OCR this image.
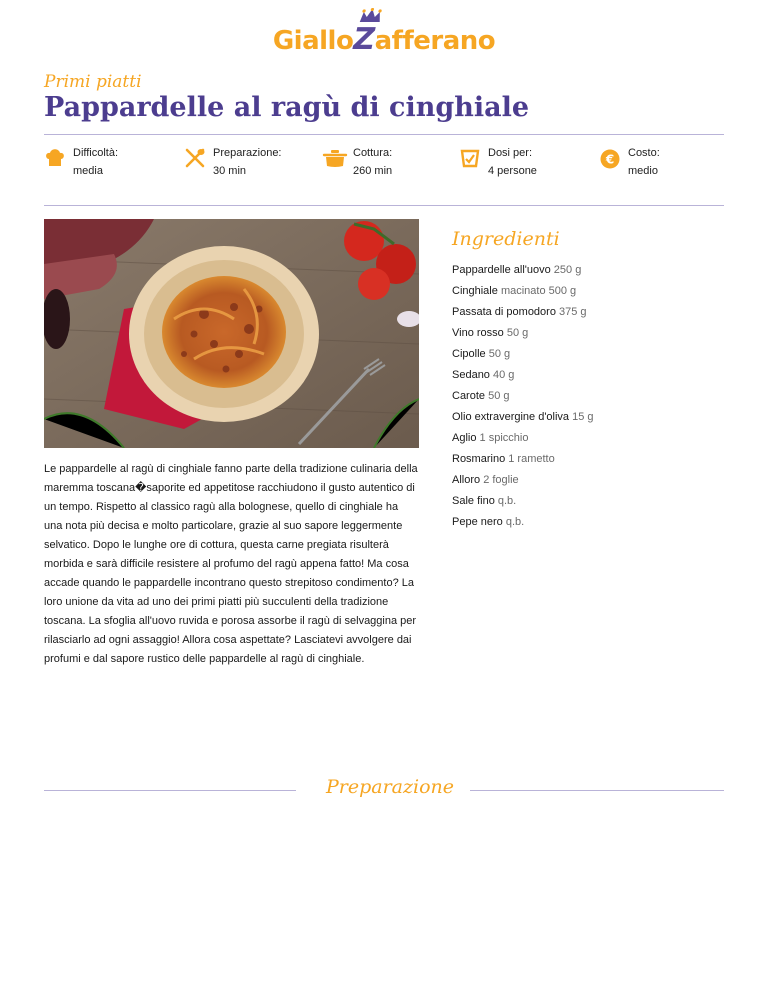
Giallo
Zafferano
Primi piatti
Pappardelle al ragù di cinghiale
Difficoltà:
media
Preparazione:
30 min
Cottura:
260 min
Dosi per:
4 persone
€ Costo:
medio

Le pappardelle al ragù di cinghiale fanno parte della tradizione culinaria della maremma toscana�saporite ed appetitose racchiudono il gusto autentico di un tempo. Rispetto al classico ragù alla bolognese, quello di cinghiale ha una nota più decisa e molto particolare, grazie al suo sapore leggermente selvatico. Dopo le lunghe ore di cottura, questa carne pregiata risulterà morbida e sarà difficile resistere al profumo del ragù appena fatto! Ma cosa accade quando le pappardelle incontrano questo strepitoso condimento? La loro unione da vita ad uno dei primi piatti più succulenti della tradizione toscana. La sfoglia all'uovo ruvida e porosa assorbe il ragù di selvaggina per rilasciarlo ad ogni assaggio! Allora cosa aspettate? Lasciatevi avvolgere dai profumi e dal sapore rustico delle pappardelle al ragù di cinghiale.

Ingredienti
Pappardelle all'uovo 250 g
Cinghiale macinato 500 g
Passata di pomodoro 375 g
Vino rosso 50 g
Cipolle 50 g
Sedano 40 g
Carote 50 g
Olio extravergine d'oliva 15 g
Aglio 1 spicchio
Rosmarino 1 rametto
Alloro 2 foglie
Sale fino q.b.
Pepe nero q.b.
Preparazione
